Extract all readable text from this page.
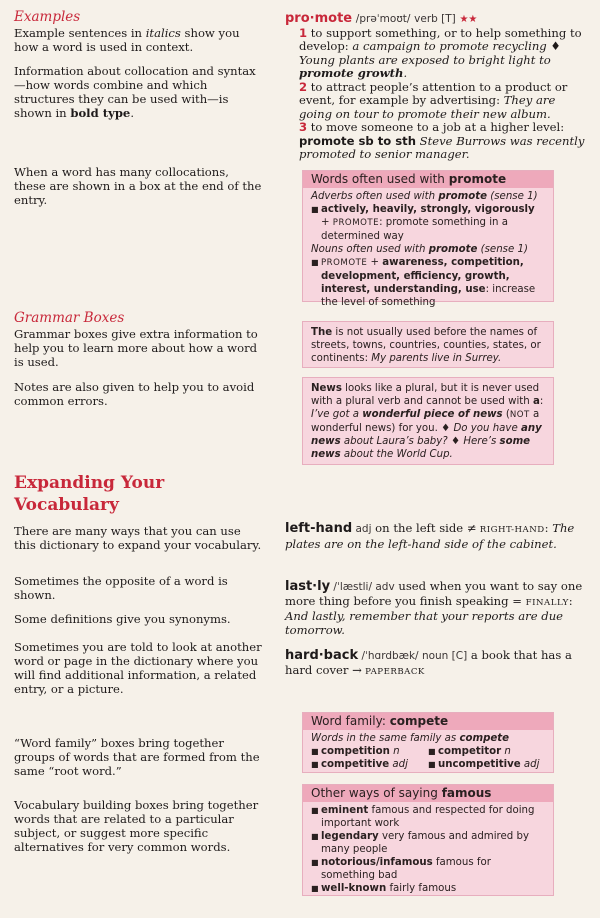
Examples

Example sentences in italics show you how a word is used in context.

Information about collocation and syntax—how words combine and which structures they can be used with—is shown in bold type.

When a word has many collocations, these are shown in a box at the end of the entry.

Grammar Boxes

Grammar boxes give extra information to help you to learn more about how a word is used.

Notes are also given to help you to avoid common errors.

Expanding Your
Vocabulary
There are many ways that you can use this dictionary to expand your vocabulary.
Sometimes the opposite of a word is shown.
Some definitions give you synonyms.
Sometimes you are told to look at another word or page in the dictionary where you will find additional information, a related entry, or a picture.
“Word family” boxes bring together groups of words that are formed from the same “root word.”
Vocabulary building boxes bring together words that are related to a particular subject, or suggest more specific alternatives for very common words.
pro·mote /prəˈmoʊt/ verb [T] ★★
1 to support something, or to help something to develop: a campaign to promote recycling ♦ Young plants are exposed to bright light to promote growth.
2 to attract people’s attention to a product or event, for example by advertising: They are going on tour to promote their new album.
3 to move someone to a job at a higher level: promote sb to sth Steve Burrows was recently promoted to senior manager.
Words often used with promote
Adverbs often used with promote (sense 1)
■ actively, heavily, strongly, vigorously + PROMOTE: promote something in a determined way
Nouns often used with promote (sense 1)
■ PROMOTE + awareness, competition, development, efficiency, growth, interest, understanding, use: increase the level of something
The is not usually used before the names of streets, towns, countries, counties, states, or continents: My parents live in Surrey.
News looks like a plural, but it is never used with a plural verb and cannot be used with a: I’ve got a wonderful piece of news (NOT a wonderful news) for you. ♦ Do you have any news about Laura’s baby? ♦ Here’s some news about the World Cup.
left-hand adj on the left side ≠ RIGHT-HAND: The plates are on the left-hand side of the cabinet.
last·ly /ˈlæstli/ adv used when you want to say one more thing before you finish speaking = FINALLY: And lastly, remember that your reports are due tomorrow.
hard·back /ˈhɑrdbæk/ noun [C] a book that has a hard cover → PAPERBACK
Word family: compete
Words in the same family as compete
■ competition n	■ competitor n
■ competitive adj	■ uncompetitive adj
Other ways of saying famous
■ eminent famous and respected for doing important work
■ legendary very famous and admired by many people
■ notorious/infamous famous for something bad
■ well-known fairly famous
